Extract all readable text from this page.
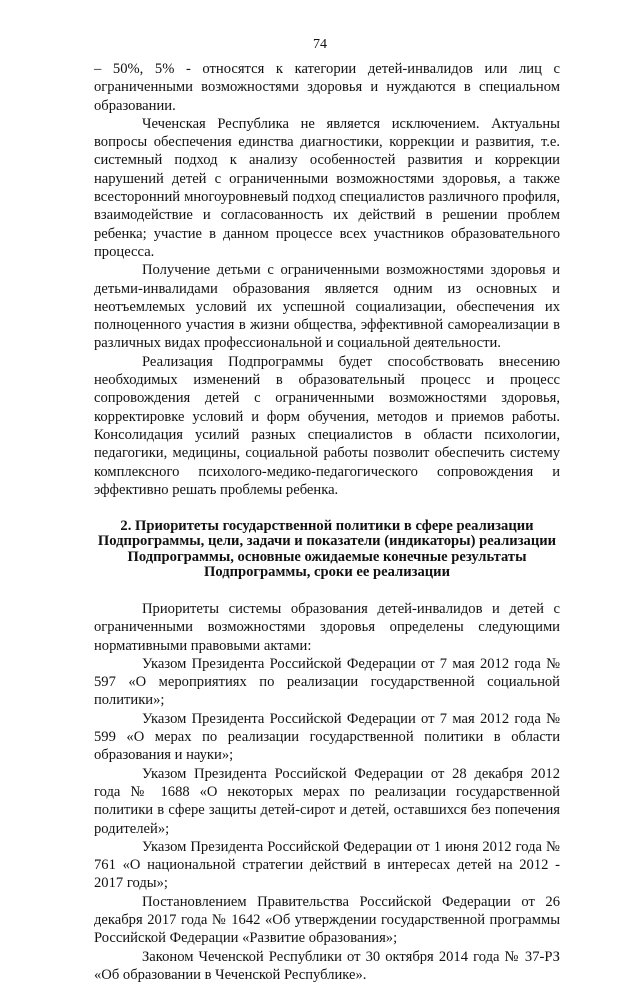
74

– 50%, 5% - относятся к категории детей-инвалидов или лиц с ограниченными возможностями здоровья и нуждаются в специальном образовании.

Чеченская Республика не является исключением. Актуальны вопросы обеспечения единства диагностики, коррекции и развития, т.е. системный подход к анализу особенностей развития и коррекции нарушений детей с ограниченными возможностями здоровья, а также всесторонний многоуровневый подход специалистов различного профиля, взаимодействие и согласованность их действий в решении проблем ребенка; участие в данном процессе всех участников образовательного процесса.

Получение детьми с ограниченными возможностями здоровья и детьми-инвалидами образования является одним из основных и неотъемлемых условий их успешной социализации, обеспечения их полноценного участия в жизни общества, эффективной самореализации в различных видах профессиональной и социальной деятельности.

Реализация Подпрограммы будет способствовать внесению необходимых изменений в образовательный процесс и процесс сопровождения детей с ограниченными возможностями здоровья, корректировке условий и форм обучения, методов и приемов работы. Консолидация усилий разных специалистов в области психологии, педагогики, медицины, социальной работы позволит обеспечить систему комплексного психолого-медико-педагогического сопровождения и эффективно решать проблемы ребенка.

2. Приоритеты государственной политики в сфере реализации
Подпрограммы, цели, задачи и показатели (индикаторы) реализации
Подпрограммы, основные ожидаемые конечные результаты
Подпрограммы, сроки ее реализации

Приоритеты системы образования детей-инвалидов и детей с ограниченными возможностями здоровья определены следующими нормативными правовыми актами:

Указом Президента Российской Федерации от 7 мая 2012 года № 597 «О мероприятиях по реализации государственной социальной политики»;

Указом Президента Российской Федерации от 7 мая 2012 года № 599 «О мерах по реализации государственной политики в области образования и науки»;

Указом Президента Российской Федерации от 28 декабря 2012 года № 1688 «О некоторых мерах по реализации государственной политики в сфере защиты детей-сирот и детей, оставшихся без попечения родителей»;

Указом Президента Российской Федерации от 1 июня 2012 года № 761 «О национальной стратегии действий в интересах детей на 2012 - 2017 годы»;

Постановлением Правительства Российской Федерации от 26 декабря 2017 года № 1642 «Об утверждении государственной программы Российской Федерации «Развитие образования»;

Законом Чеченской Республики от 30 октября 2014 года № 37-РЗ «Об образовании в Чеченской Республике».
